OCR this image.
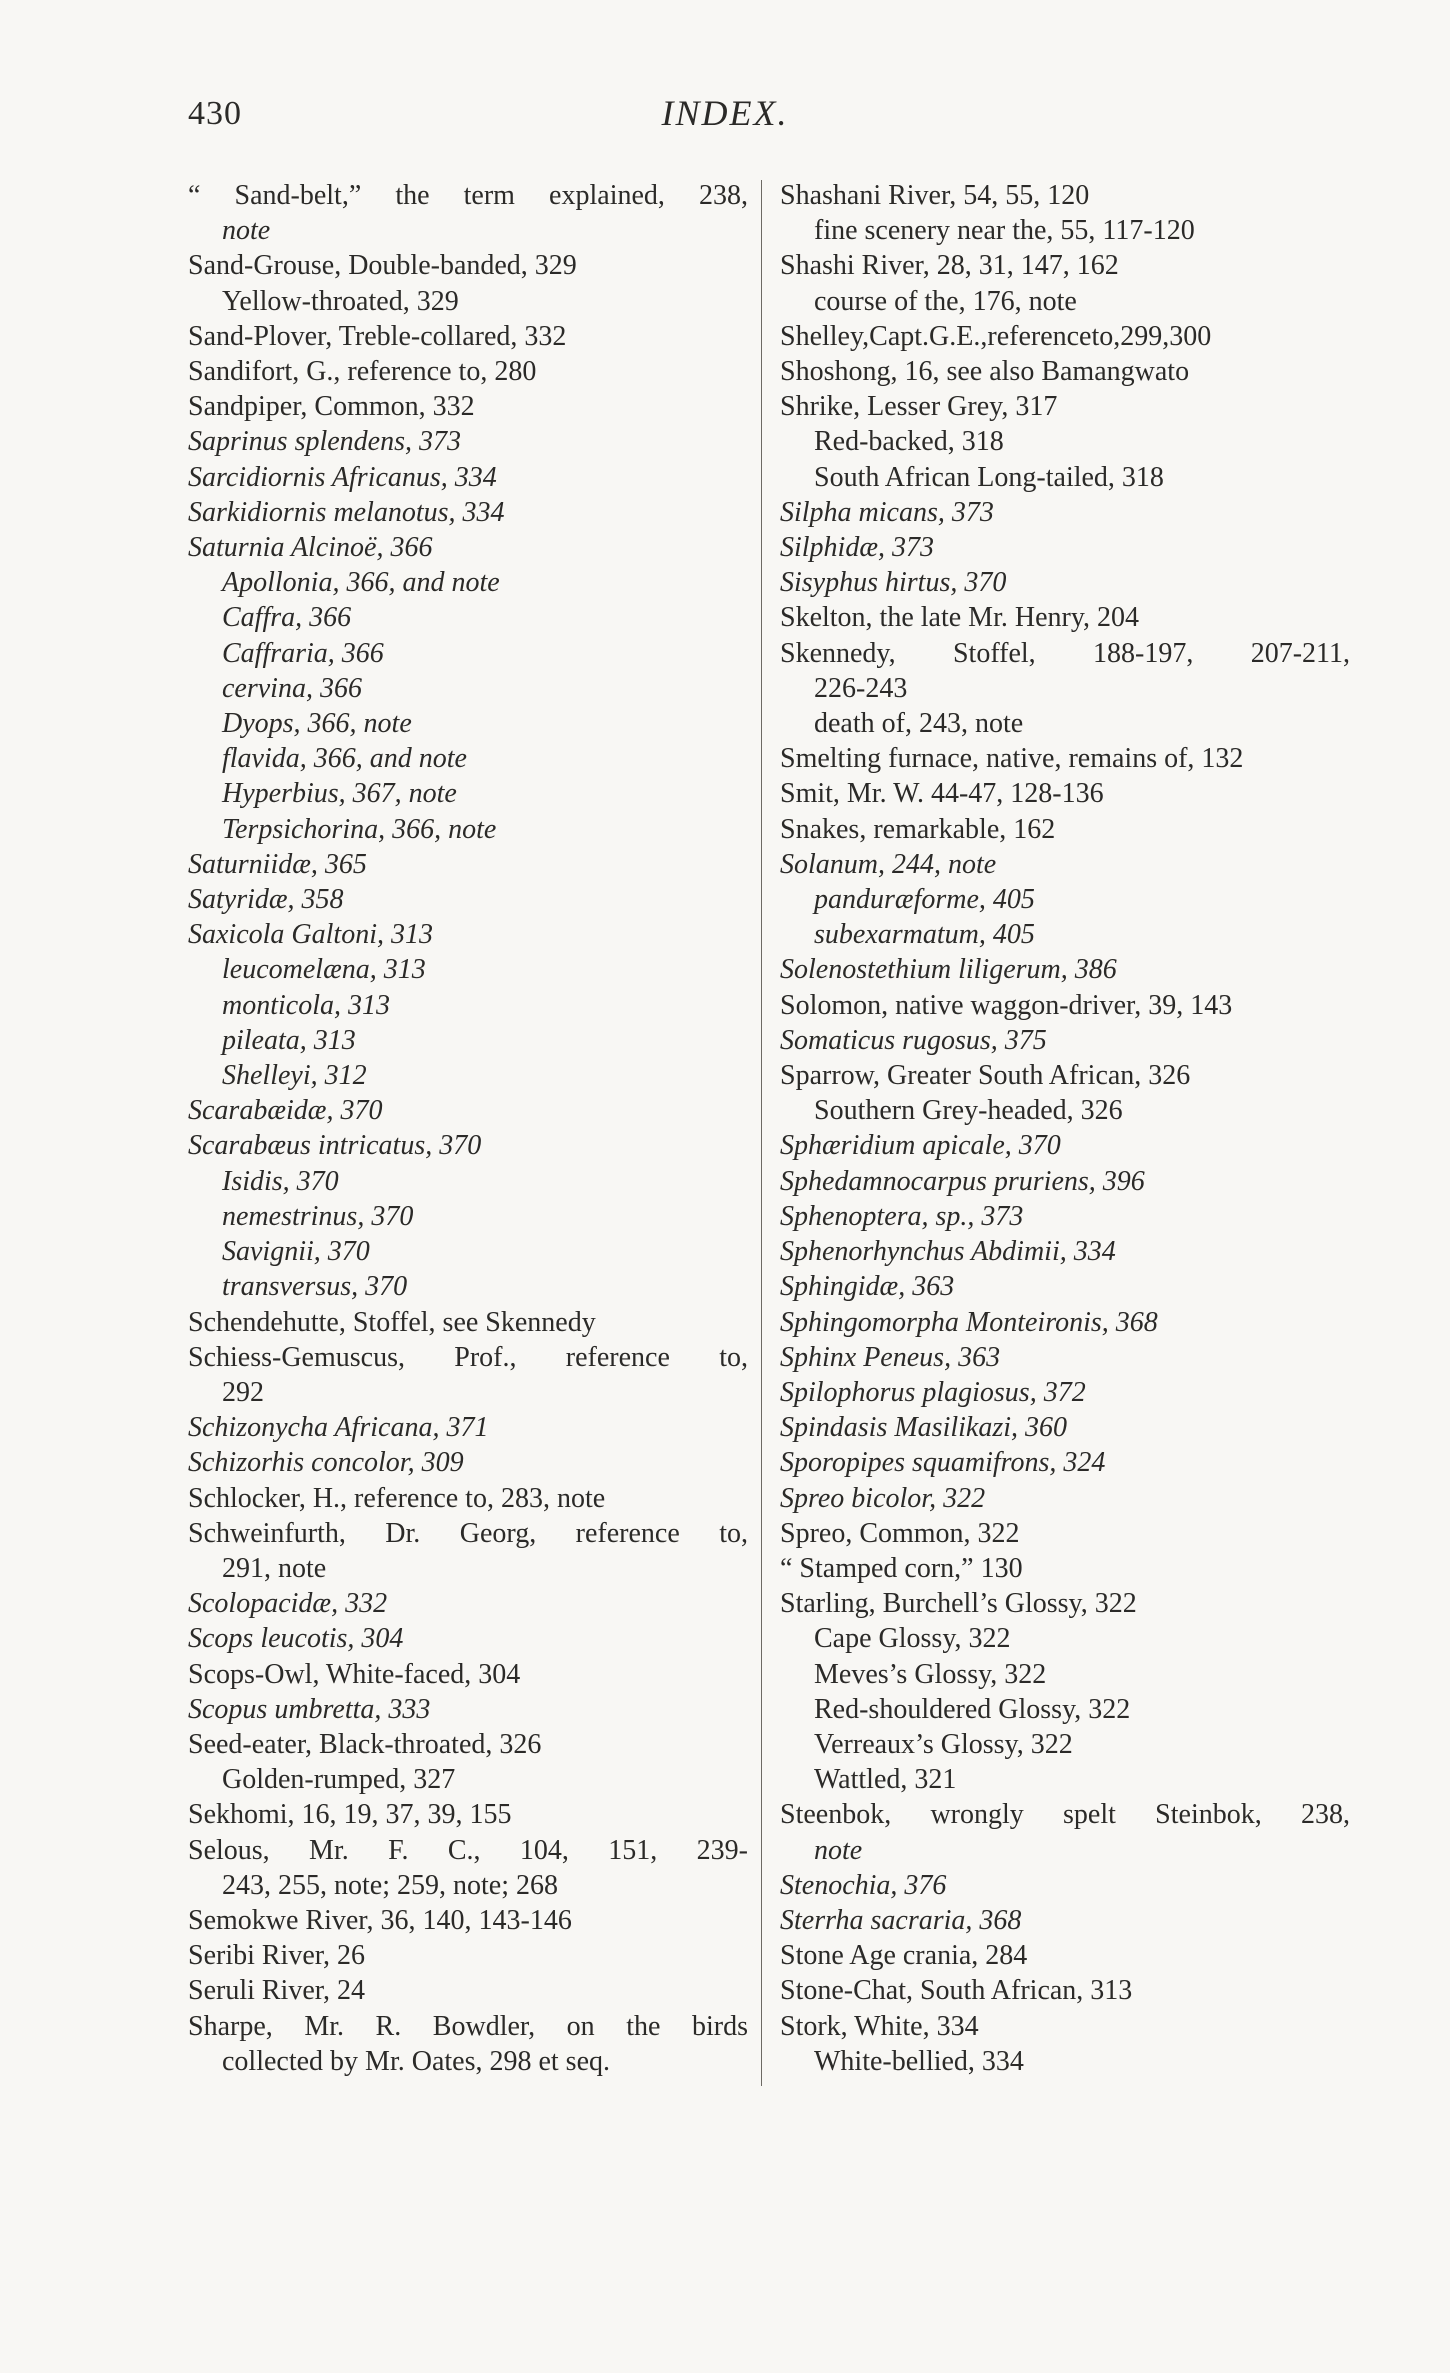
430	INDEX.
“ Sand-belt,” the term explained, 238,
note
Sand-Grouse, Double-banded, 329
Yellow-throated, 329
Sand-Plover, Treble-collared, 332
Sandifort, G., reference to, 280
Sandpiper, Common, 332
Saprinus splendens, 373
Sarcidiornis Africanus, 334
Sarkidiornis melanotus, 334
Saturnia Alcinoë, 366
Apollonia, 366, and note
Caffra, 366
Caffraria, 366
cervina, 366
Dyops, 366, note
flavida, 366, and note
Hyperbius, 367, note
Terpsichorina, 366, note
Saturniidæ, 365
Satyridæ, 358
Saxicola Galtoni, 313
leucomelæna, 313
monticola, 313
pileata, 313
Shelleyi, 312
Scarabæidæ, 370
Scarabæus intricatus, 370
Isidis, 370
nemestrinus, 370
Savignii, 370
transversus, 370
Schendehutte, Stoffel, see Skennedy
Schiess-Gemuscus, Prof., reference to,
292
Schizonycha Africana, 371
Schizorhis concolor, 309
Schlocker, H., reference to, 283, note
Schweinfurth, Dr. Georg, reference to,
291, note
Scolopacidæ, 332
Scops leucotis, 304
Scops-Owl, White-faced, 304
Scopus umbretta, 333
Seed-eater, Black-throated, 326
Golden-rumped, 327
Sekhomi, 16, 19, 37, 39, 155
Selous, Mr. F. C., 104, 151, 239-
243, 255, note; 259, note; 268
Semokwe River, 36, 140, 143-146
Seribi River, 26
Seruli River, 24
Sharpe, Mr. R. Bowdler, on the birds
collected by Mr. Oates, 298 et seq.
Shashani River, 54, 55, 120
fine scenery near the, 55, 117-120
Shashi River, 28, 31, 147, 162
course of the, 176, note
Shelley,Capt.G.E.,referenceto,299,300
Shoshong, 16, see also Bamangwato
Shrike, Lesser Grey, 317
Red-backed, 318
South African Long-tailed, 318
Silpha micans, 373
Silphidæ, 373
Sisyphus hirtus, 370
Skelton, the late Mr. Henry, 204
Skennedy, Stoffel, 188-197, 207-211,
226-243
death of, 243, note
Smelting furnace, native, remains of, 132
Smit, Mr. W. 44-47, 128-136
Snakes, remarkable, 162
Solanum, 244, note
panduræforme, 405
subexarmatum, 405
Solenostethium liligerum, 386
Solomon, native waggon-driver, 39, 143
Somaticus rugosus, 375
Sparrow, Greater South African, 326
Southern Grey-headed, 326
Sphæridium apicale, 370
Sphedamnocarpus pruriens, 396
Sphenoptera, sp., 373
Sphenorhynchus Abdimii, 334
Sphingidæ, 363
Sphingomorpha Monteironis, 368
Sphinx Peneus, 363
Spilophorus plagiosus, 372
Spindasis Masilikazi, 360
Sporopipes squamifrons, 324
Spreo bicolor, 322
Spreo, Common, 322
“ Stamped corn,” 130
Starling, Burchell’s Glossy, 322
Cape Glossy, 322
Meves’s Glossy, 322
Red-shouldered Glossy, 322
Verreaux’s Glossy, 322
Wattled, 321
Steenbok, wrongly spelt Steinbok, 238,
note
Stenochia, 376
Sterrha sacraria, 368
Stone Age crania, 284
Stone-Chat, South African, 313
Stork, White, 334
White-bellied, 334
